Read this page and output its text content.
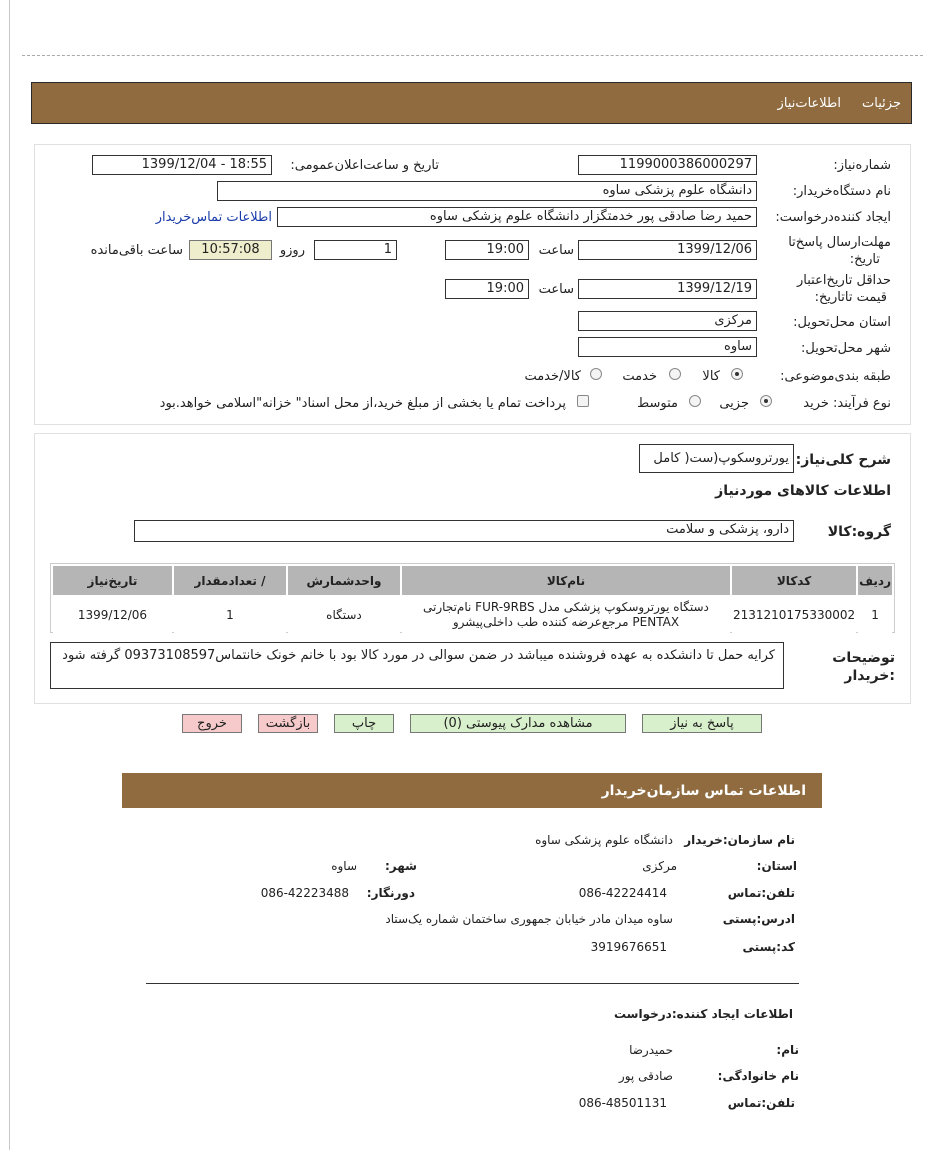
جزئیات
اطلاعات‌نیاز
شماره‌نیاز:
1199000386000297
تاریخ و ساعت‌اعلان‌عمومی:
1399/12/04 - 18:55
نام دستگاه‌خریدار:
دانشگاه علوم پزشکی ساوه
ایجاد کننده‌درخواست:
حمید رضا صادقی پور خدمتگزار دانشگاه علوم پزشکی ساوه
اطلاعات تماس‌خریدار
مهلت‌ارسال پاسخ‌تا
تاریخ:
1399/12/06
ساعت
19:00
1
روزو
10:57:08
ساعت باقی‌مانده
حداقل تاریخ‌اعتبار
قیمت تا‌تاریخ:
1399/12/19
ساعت
19:00
استان محل‌تحویل:
مرکزی
شهر محل‌تحویل:
ساوه
طبقه بندی‌موضوعی:
کالا
خدمت
کالا/خدمت
نوع فرآیند: خرید
جزیی
متوسط
پرداخت تمام یا بخشی از مبلغ خرید،از محل اسناد" خزانه"اسلامی خواهد.بود
شرح کلی‌نیاز:
یورتروسکوپ(ست( کامل
اطلاعات کالاهای موردنیاز
گروه:کالا
دارو، پزشکی و سلامت
ردیف	کدکالا	نام‌کالا	واحدشمارش	/ تعدادمقدار	تاریخ‌نیاز
1	2131210175330002	دستگاه یورتروسکوپ پزشکی مدل FUR-9RBS نام‌تجارتی PENTAX مرجع‌عرضه کننده طب داخلی‌پیشرو	دستگاه	1	1399/12/06
توضیحات
:خریدار
کرایه حمل تا دانشکده به عهده فروشنده میباشد در ضمن سوالی در مورد کالا بود با خانم خونک خانتماس09373108597 گرفته شود
پاسخ به نیاز
مشاهده مدارک پیوستی (0)
چاپ
بازگشت
خروج
اطلاعات تماس سازمان‌خریدار
نام سازمان:خریدار
دانشگاه علوم پزشکی ساوه
استان:
مرکزی
شهر:
ساوه
تلفن:تماس
086-42224414
دورنگار:
086-42223488
ادرس:پستی
ساوه میدان مادر خیابان جمهوری ساختمان شماره یک‌ستاد
کد:پستی
3919676651
اطلاعات ایجاد کننده:درخواست
نام:
حمیدرضا
نام خانوادگی:
صادقی پور
تلفن:تماس
086-48501131
